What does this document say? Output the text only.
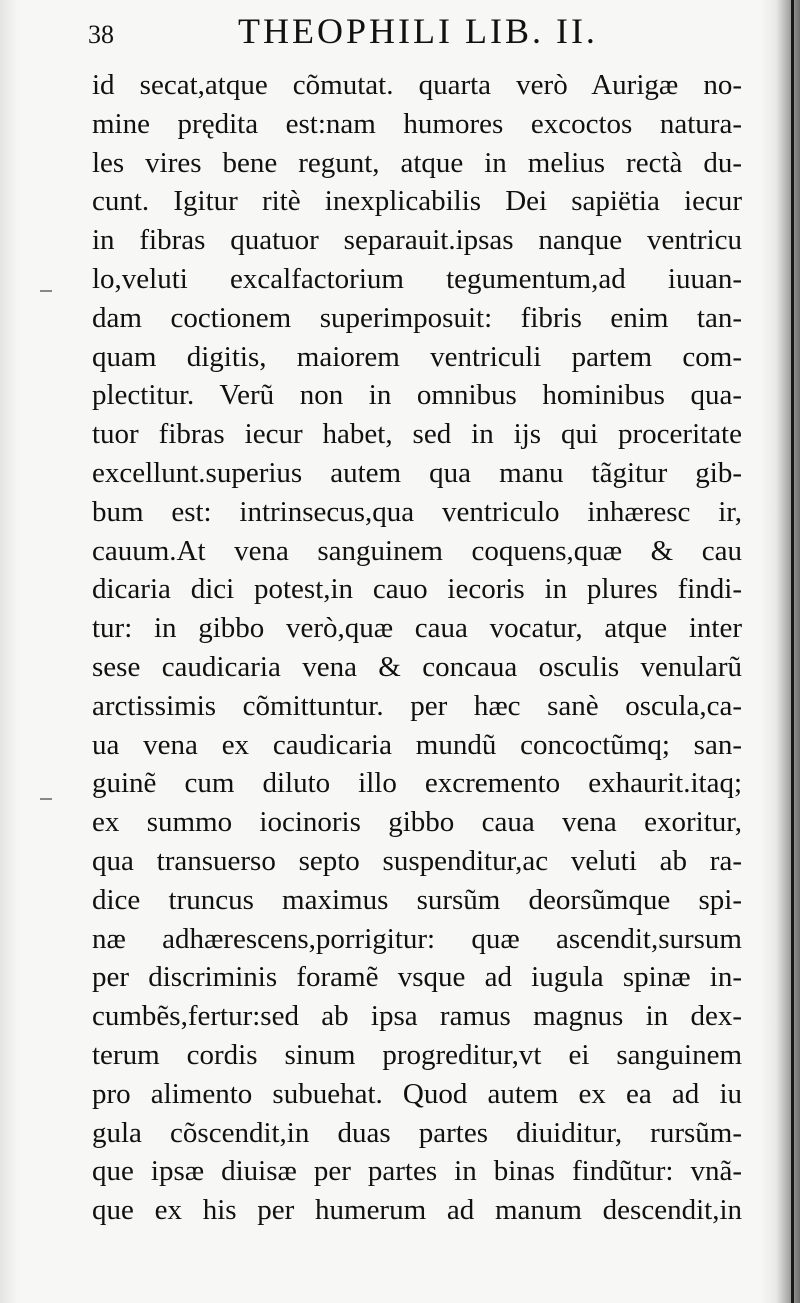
38	THEOPHILI LIB. II.
id secat,atque cõmutat. quarta verò Aurigæ no-
mine prędita est:nam humores excoctos natura-
les vires bene regunt, atque in melius rectà du-
cunt. Igitur ritè inexplicabilis Dei sapiëtia iecur
in fibras quatuor separauit.ipsas nanque ventricu
lo,veluti excalfactorium tegumentum,ad iuuan-
dam coctionem superimposuit: fibris enim tan-
quam digitis, maiorem ventriculi partem com-
plectitur. Verũ non in omnibus hominibus qua-
tuor fibras iecur habet, sed in ijs qui proceritate
excellunt.superius autem qua manu tãgitur gib-
bum est: intrinsecus,qua ventriculo inhæresc ir,
cauum.At vena sanguinem coquens,quæ & cau
dicaria dici potest,in cauo iecoris in plures findi-
tur: in gibbo verò,quæ caua vocatur, atque inter
sese caudicaria vena & concaua osculis venularũ
arctissimis cõmittuntur. per hæc sanè oscula,ca-
ua vena ex caudicaria mundũ concoctũmq; san-
guinẽ cum diluto illo excremento exhaurit.itaq;
ex summo iocinoris gibbo caua vena exoritur,
qua transuerso septo suspenditur,ac veluti ab ra-
dice truncus maximus sursũm deorsũmque spi-
næ adhærescens,porrigitur: quæ ascendit,sursum
per discriminis foramẽ vsque ad iugula spinæ in-
cumbẽs,fertur:sed ab ipsa ramus magnus in dex-
terum cordis sinum progreditur,vt ei sanguinem
pro alimento subuehat. Quod autem ex ea ad iu
gula cõscendit,in duas partes diuiditur, rursũm-
que ipsæ diuisæ per partes in binas findũtur: vnã-
que ex his per humerum ad manum descendit,in
